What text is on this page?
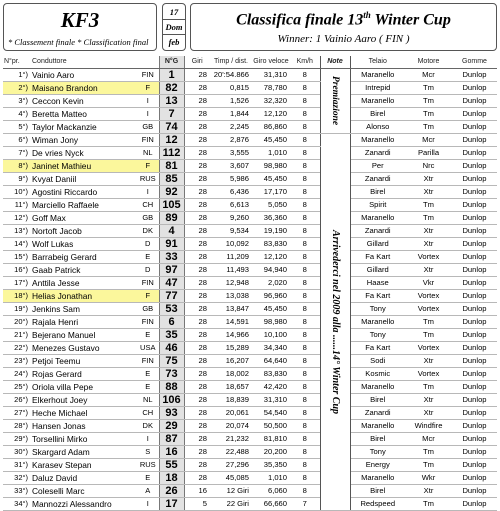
KF3
* Classement finale * Classification final
17
Dom
feb
Classifica finale 13th Winter Cup
Winner: 1 Vainio Aaro ( FIN )
N°pr.	Conduttore		N°G	Giri	Timp / dist.	Giro veloce	Km/h	Note	Telaio	Motore	Gomme
1°)	Vainio Aaro	FIN	1	28	20':54.866	31,310	8	Premiazione	Maranello	Mcr	Dunlop
2°)	Maisano Brandon	F	82	28	0,815	78,780	8		Intrepid	Tm	Dunlop
3°)	Ceccon Kevin	I	13	28	1,526	32,320	8		Maranello	Tm	Dunlop
4°)	Beretta Matteo	I	7	28	1,844	12,120	8		Birel	Tm	Dunlop
5°)	Taylor Mackanzie	GB	74	28	2,245	86,860	8		Alonso	Tm	Dunlop
6°)	Wiman Jony	FIN	12	28	2,876	45,450	8	Arrivederci nel 2009 alla ......14° Winter Cup	Maranello	Mcr	Dunlop
7°)	De vries Nyck	NL	112	28	3,555	1,010	8		Zanardi	Parilla	Dunlop
8°)	Janinet Mathieu	F	81	28	3,607	98,980	8		Per	Nrc	Dunlop
9°)	Kvyat Daniil	RUS	85	28	5,986	45,450	8		Zanardi	Xtr	Dunlop
10°)	Agostini Riccardo	I	92	28	6,436	17,170	8		Birel	Xtr	Dunlop
11°)	Marciello Raffaele	CH	105	28	6,613	5,050	8		Spirit	Tm	Dunlop
12°)	Goff Max	GB	89	28	9,260	36,360	8		Maranello	Tm	Dunlop
13°)	Nortoft Jacob	DK	4	28	9,534	19,190	8		Zanardi	Xtr	Dunlop
14°)	Wolf Lukas	D	91	28	10,092	83,830	8		Gillard	Xtr	Dunlop
15°)	Barrabeig Gerard	E	33	28	11,209	12,120	8		Fa Kart	Vortex	Dunlop
16°)	Gaab Patrick	D	97	28	11,493	94,940	8		Gillard	Xtr	Dunlop
17°)	Anttila Jesse	FIN	47	28	12,948	2,020	8		Haase	Vkr	Dunlop
18°)	Helias Jonathan	F	77	28	13,038	96,960	8		Fa Kart	Vortex	Dunlop
19°)	Jenkins Sam	GB	53	28	13,847	45,450	8		Tony	Vortex	Dunlop
20°)	Rajala Henri	FIN	6	28	14,591	98,980	8		Maranello	Tm	Dunlop
21°)	Bejerano Manuel	E	35	28	14,966	10,100	8		Tony	Tm	Dunlop
22°)	Menezes Gustavo	USA	46	28	15,289	34,340	8		Fa Kart	Vortex	Dunlop
23°)	Petjoi Teemu	FIN	75	28	16,207	64,640	8		Sodi	Xtr	Dunlop
24°)	Rojas Gerard	E	73	28	18,002	83,830	8		Kosmic	Vortex	Dunlop
25°)	Oriola villa Pepe	E	88	28	18,657	42,420	8		Maranello	Tm	Dunlop
26°)	Elkerhout Joey	NL	106	28	18,839	31,310	8		Birel	Xtr	Dunlop
27°)	Heche Michael	CH	93	28	20,061	54,540	8		Zanardi	Xtr	Dunlop
28°)	Hansen Jonas	DK	29	28	20,074	50,500	8		Maranello	Windfire	Dunlop
29°)	Torsellini Mirko	I	87	28	21,232	81,810	8		Birel	Mcr	Dunlop
30°)	Skargard Adam	S	16	28	22,488	20,200	8		Tony	Tm	Dunlop
31°)	Karasev Stepan	RUS	55	28	27,296	35,350	8		Energy	Tm	Dunlop
32°)	Daluz David	E	18	28	45,085	1,010	8		Maranello	Wkr	Dunlop
33°)	Coleselli Marc	A	26	16	12 Giri	6,060	8		Birel	Xtr	Dunlop
34°)	Mannozzi Alessandro	I	17	5	22 Giri	66,660	7		Redspeed	Tm	Dunlop
